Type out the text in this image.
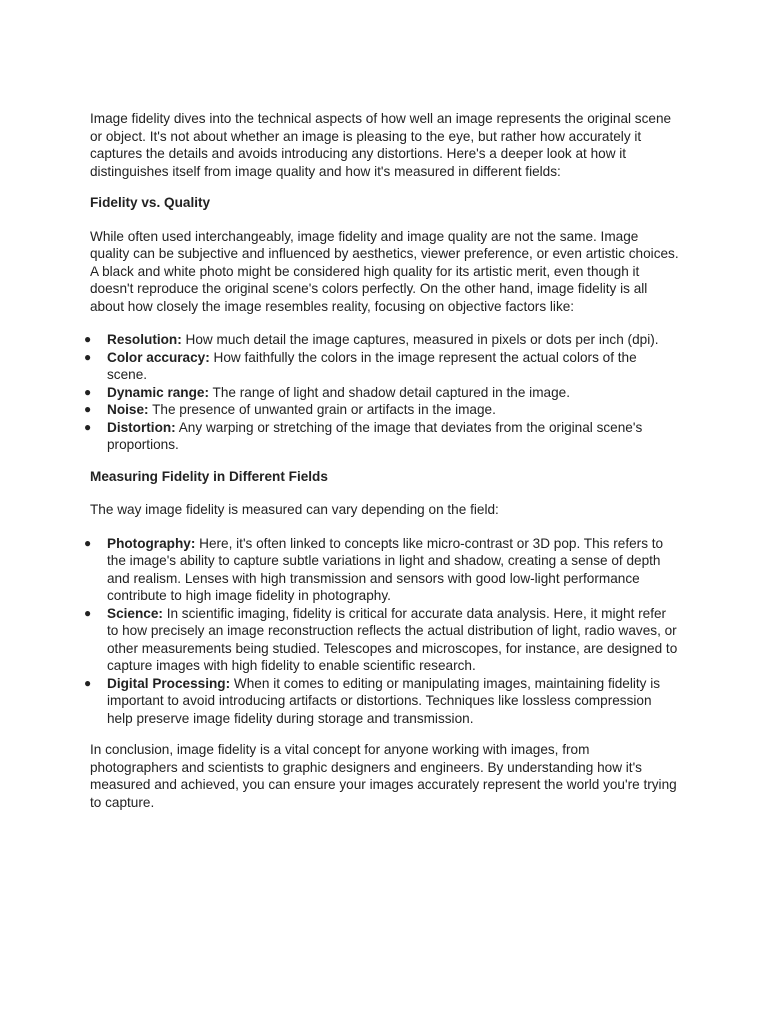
Image fidelity dives into the technical aspects of how well an image represents the original scene or object. It's not about whether an image is pleasing to the eye, but rather how accurately it captures the details and avoids introducing any distortions. Here's a deeper look at how it distinguishes itself from image quality and how it's measured in different fields:

Fidelity vs. Quality

While often used interchangeably, image fidelity and image quality are not the same. Image quality can be subjective and influenced by aesthetics, viewer preference, or even artistic choices. A black and white photo might be considered high quality for its artistic merit, even though it doesn't reproduce the original scene's colors perfectly. On the other hand, image fidelity is all about how closely the image resembles reality, focusing on objective factors like:

● Resolution: How much detail the image captures, measured in pixels or dots per inch (dpi).
● Color accuracy: How faithfully the colors in the image represent the actual colors of the scene.
● Dynamic range: The range of light and shadow detail captured in the image.
● Noise: The presence of unwanted grain or artifacts in the image.
● Distortion: Any warping or stretching of the image that deviates from the original scene's proportions.

Measuring Fidelity in Different Fields

The way image fidelity is measured can vary depending on the field:

● Photography: Here, it's often linked to concepts like micro-contrast or 3D pop. This refers to the image's ability to capture subtle variations in light and shadow, creating a sense of depth and realism. Lenses with high transmission and sensors with good low-light performance contribute to high image fidelity in photography.
● Science: In scientific imaging, fidelity is critical for accurate data analysis. Here, it might refer to how precisely an image reconstruction reflects the actual distribution of light, radio waves, or other measurements being studied. Telescopes and microscopes, for instance, are designed to capture images with high fidelity to enable scientific research.
● Digital Processing: When it comes to editing or manipulating images, maintaining fidelity is important to avoid introducing artifacts or distortions. Techniques like lossless compression help preserve image fidelity during storage and transmission.

In conclusion, image fidelity is a vital concept for anyone working with images, from photographers and scientists to graphic designers and engineers. By understanding how it's measured and achieved, you can ensure your images accurately represent the world you're trying to capture.
